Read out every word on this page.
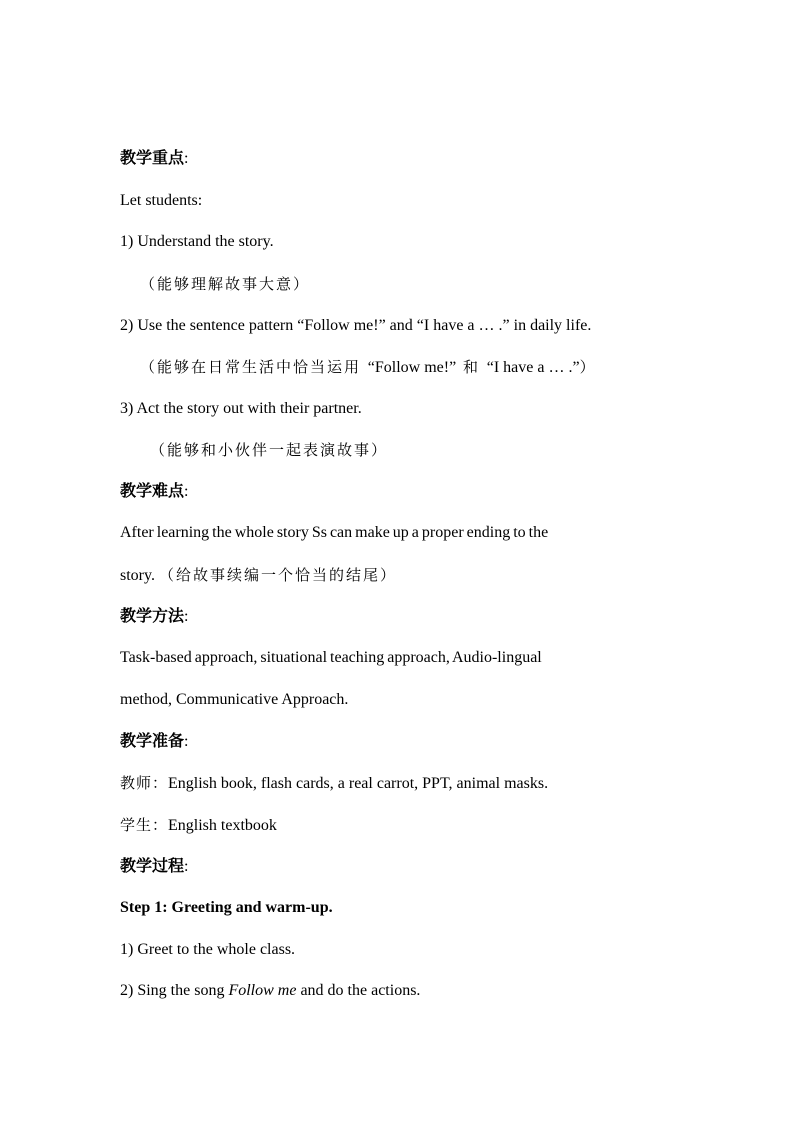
教学重点:
Let students:
1) Understand the story.
（能够理解故事大意）
2) Use the sentence pattern “Follow me!” and “I have a … .” in daily life.
（能够在日常生活中恰当运用 “Follow me!” 和 “I have a … .”）
3) Act the story out with their partner.
（能够和小伙伴一起表演故事）
教学难点:
After learning the whole story Ss can make up a proper ending to the
story. （给故事续编一个恰当的结尾）
教学方法:
Task-based approach, situational teaching approach, Audio-lingual
method, Communicative Approach.
教学准备:
教师：English book, flash cards, a real carrot, PPT, animal masks.
学生：English textbook
教学过程:
Step 1: Greeting and warm-up.
1) Greet to the whole class.
2) Sing the song Follow me and do the actions.
